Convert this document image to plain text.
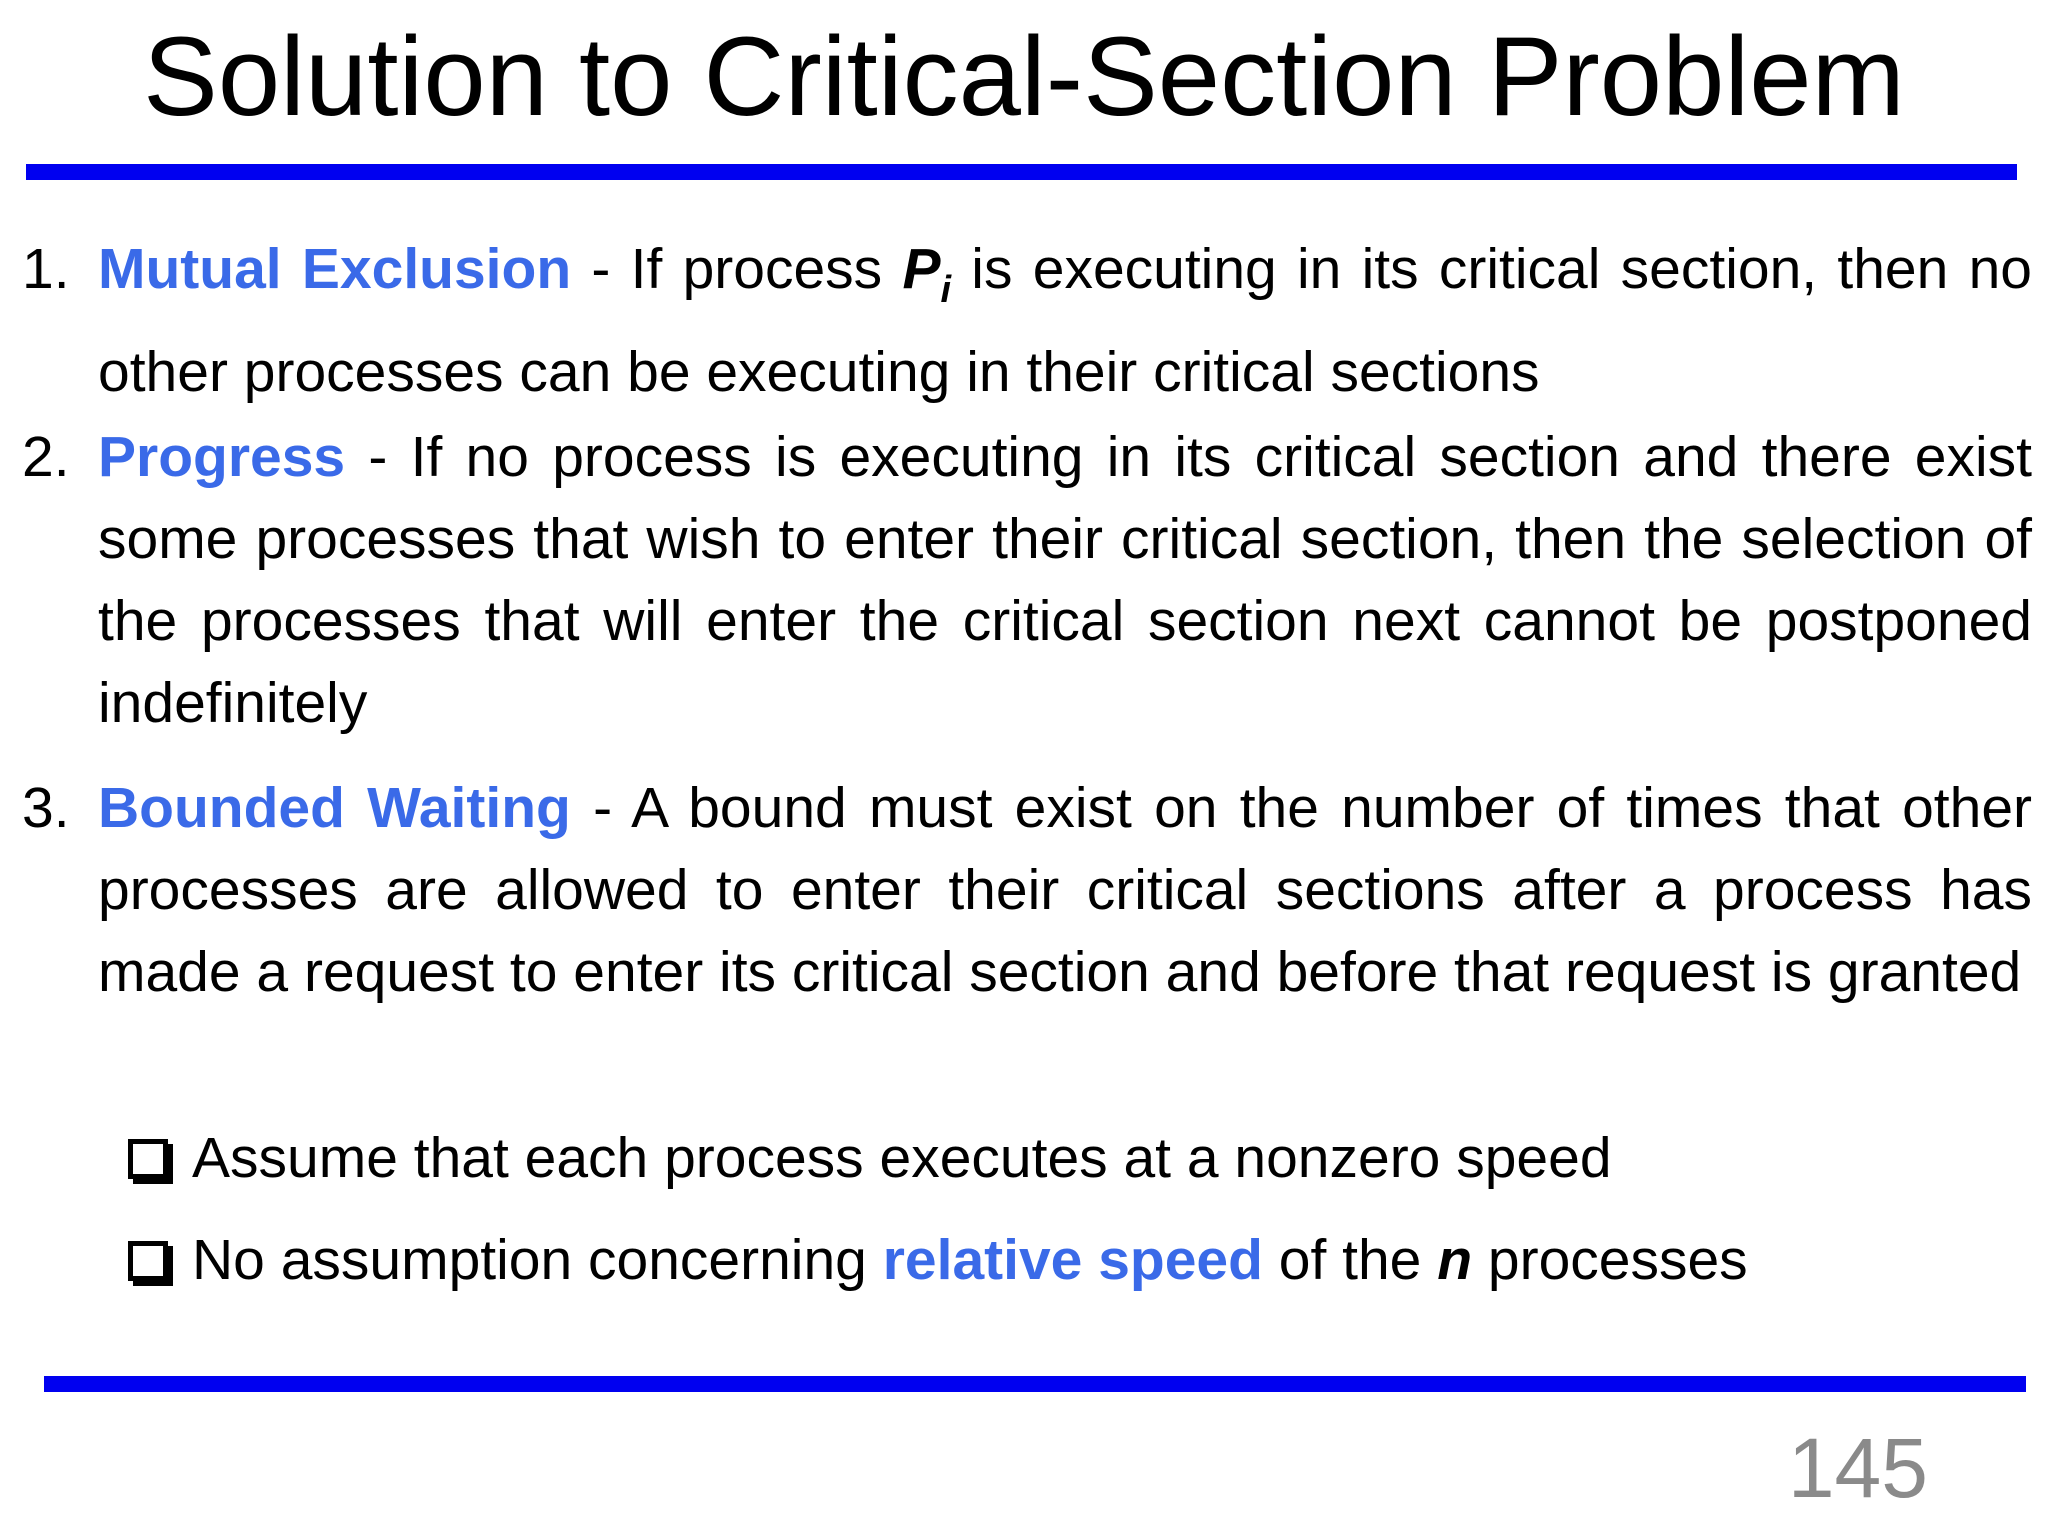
Solution to Critical-Section Problem
1. Mutual Exclusion - If process $P_i$ is executing in its critical section, then no other processes can be executing in their critical sections
2. Progress - If no process is executing in its critical section and there exist some processes that wish to enter their critical section, then the selection of the processes that will enter the critical section next cannot be postponed indefinitely
3. Bounded Waiting - A bound must exist on the number of times that other processes are allowed to enter their critical sections after a process has made a request to enter its critical section and before that request is granted
Assume that each process executes at a nonzero speed
No assumption concerning relative speed of the n processes
145
